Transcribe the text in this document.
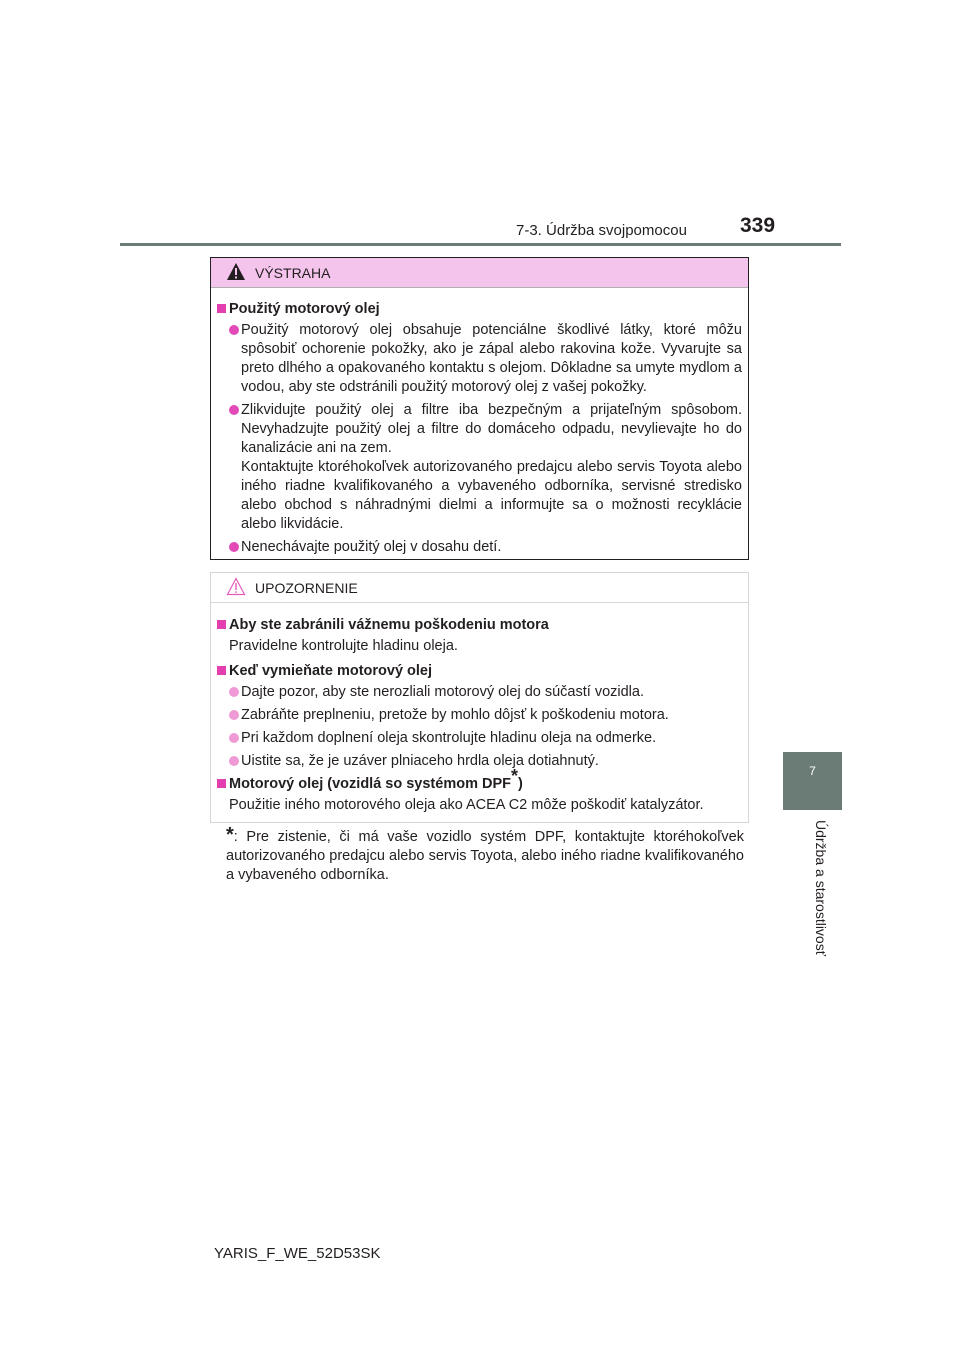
7-3. Údržba svojpomocou	339
7
Údržba a starostlivosť
VÝSTRAHA
Použitý motorový olej
Použitý motorový olej obsahuje potenciálne škodlivé látky, ktoré môžu spôsobiť ochorenie pokožky, ako je zápal alebo rakovina kože. Vyvarujte sa preto dlhého a opakovaného kontaktu s olejom. Dôkladne sa umyte mydlom a vodou, aby ste odstránili použitý motorový olej z vašej pokožky.
Zlikvidujte použitý olej a filtre iba bezpečným a prijateľným spôsobom. Nevyhadzujte použitý olej a filtre do domáceho odpadu, nevylievajte ho do kanalizácie ani na zem.
Kontaktujte ktoréhokoľvek autorizovaného predajcu alebo servis Toyota alebo iného riadne kvalifikovaného a vybaveného odborníka, servisné stredisko alebo obchod s náhradnými dielmi a informujte sa o možnosti recyklácie alebo likvidácie.
Nenechávajte použitý olej v dosahu detí.
UPOZORNENIE
Aby ste zabránili vážnemu poškodeniu motora
Pravidelne kontrolujte hladinu oleja.
Keď vymieňate motorový olej
Dajte pozor, aby ste nerozliali motorový olej do súčastí vozidla.
Zabráňte preplneniu, pretože by mohlo dôjsť k poškodeniu motora.
Pri každom doplnení oleja skontrolujte hladinu oleja na odmerke.
Uistite sa, že je uzáver plniaceho hrdla oleja dotiahnutý.
Motorový olej (vozidlá so systémom DPF*)
Použitie iného motorového oleja ako ACEA C2 môže poškodiť katalyzátor.
*: Pre zistenie, či má vaše vozidlo systém DPF, kontaktujte ktoréhokoľvek autorizovaného predajcu alebo servis Toyota, alebo iného riadne kvalifikovaného a vybaveného odborníka.
YARIS_F_WE_52D53SK
